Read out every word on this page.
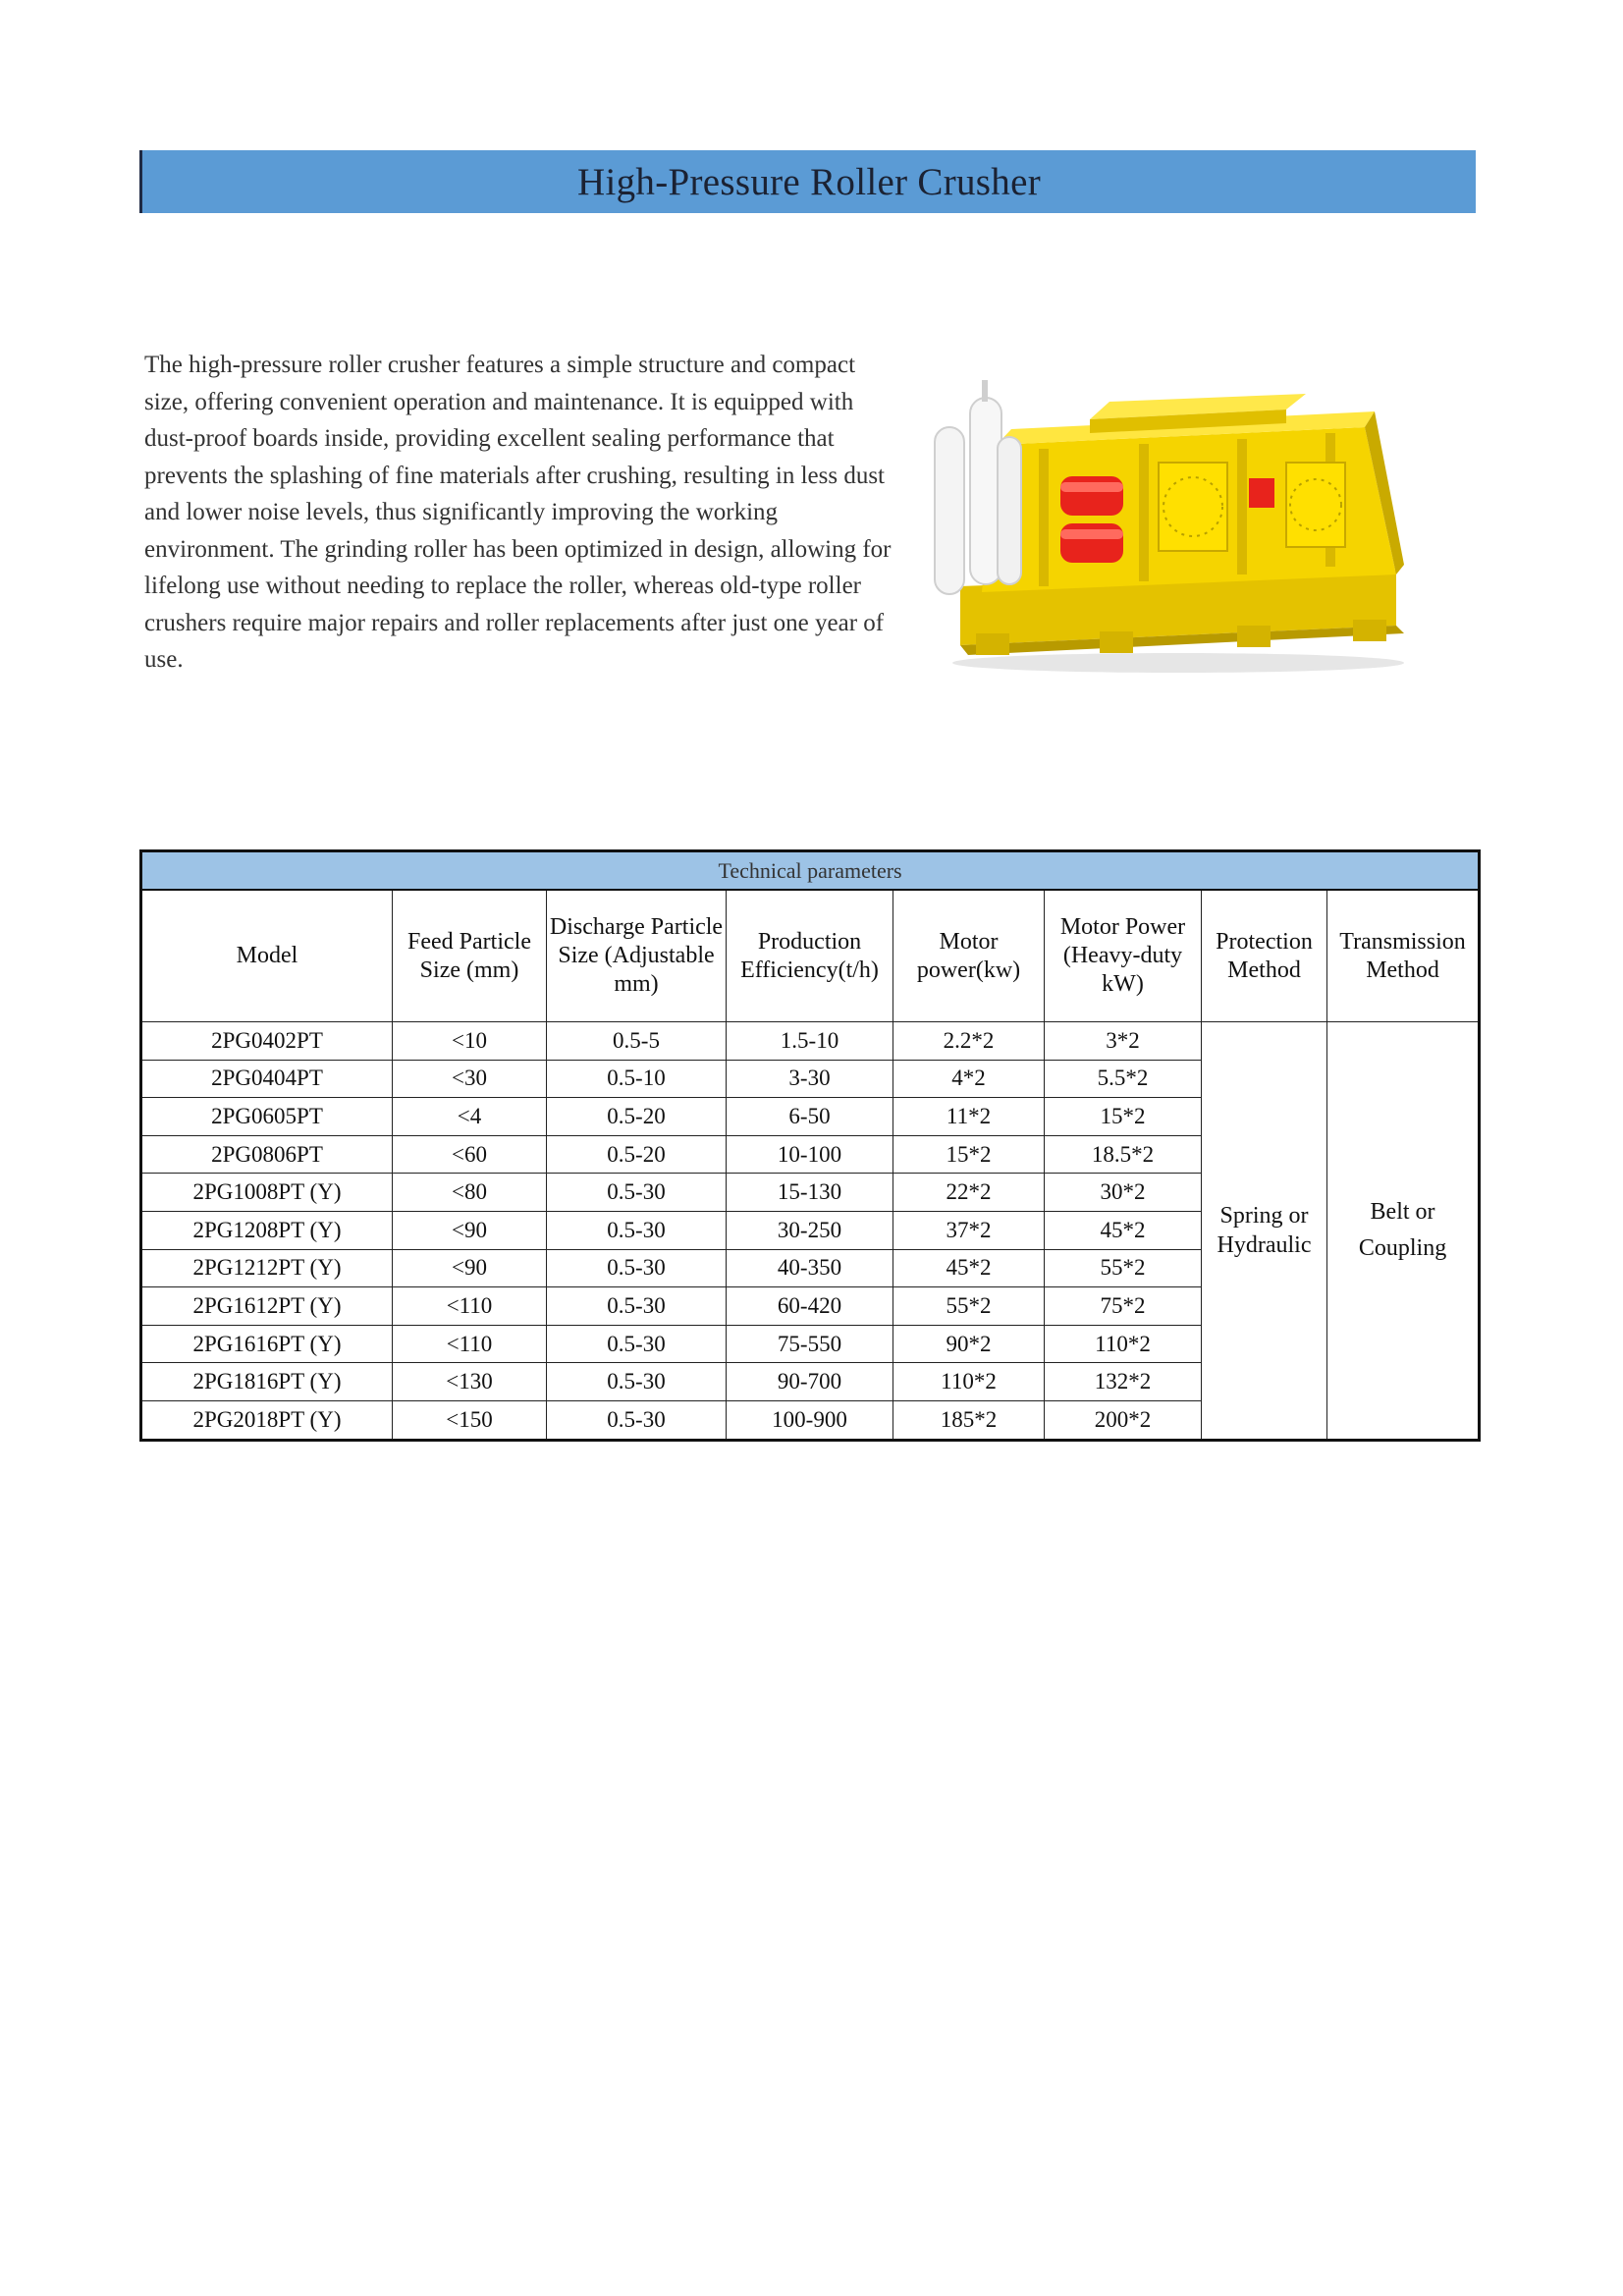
High-Pressure Roller Crusher

The high-pressure roller crusher features a simple structure and compact size, offering convenient operation and maintenance. It is equipped with dust-proof boards inside, providing excellent sealing performance that prevents the splashing of fine materials after crushing, resulting in less dust and lower noise levels, thus significantly improving the working environment. The grinding roller has been optimized in design, allowing for lifelong use without needing to replace the roller, whereas old-type roller crushers require major repairs and roller replacements after just one year of use.

Technical parameters							
Model	Feed Particle Size (mm)	Discharge Particle Size (Adjustable mm)	Production Efficiency(t/h)	Motor power(kw)	Motor Power (Heavy-duty kW)	Protection Method	Transmission Method
2PG0402PT	<10	0.5-5	1.5-10	2.2*2	3*2	Spring or Hydraulic	Belt or Coupling
2PG0404PT	<30	0.5-10	3-30	4*2	5.5*2		
2PG0605PT	<4	0.5-20	6-50	11*2	15*2		
2PG0806PT	<60	0.5-20	10-100	15*2	18.5*2		
2PG1008PT (Y)	<80	0.5-30	15-130	22*2	30*2		
2PG1208PT (Y)	<90	0.5-30	30-250	37*2	45*2		
2PG1212PT (Y)	<90	0.5-30	40-350	45*2	55*2		
2PG1612PT (Y)	<110	0.5-30	60-420	55*2	75*2		
2PG1616PT (Y)	<110	0.5-30	75-550	90*2	110*2		
2PG1816PT (Y)	<130	0.5-30	90-700	110*2	132*2		
2PG2018PT (Y)	<150	0.5-30	100-900	185*2	200*2		
